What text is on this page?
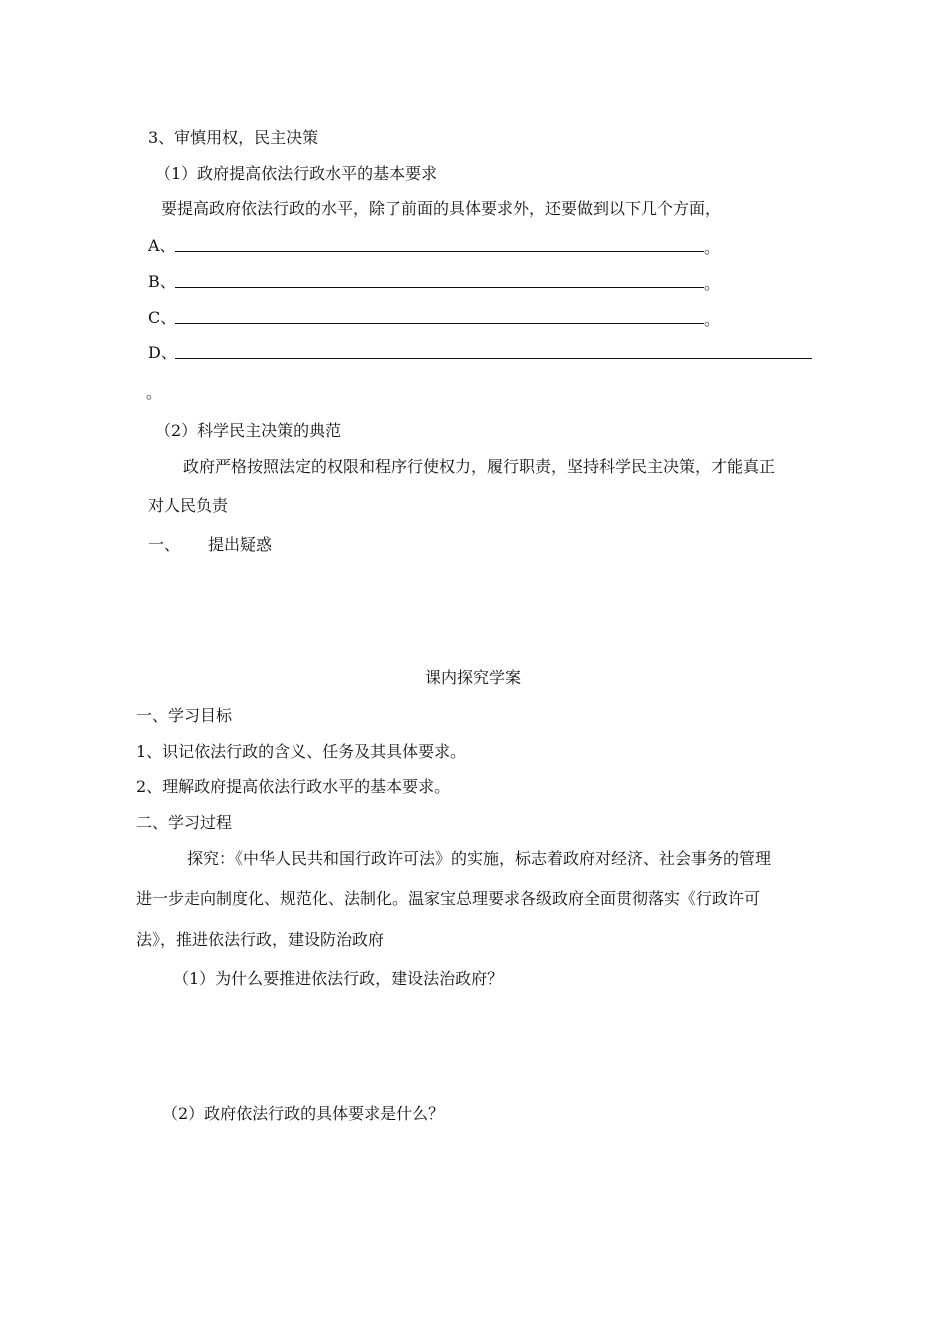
3、审慎用权，民主决策
（1）政府提高依法行政水平的基本要求
要提高政府依法行政的水平，除了前面的具体要求外，还要做到以下几个方面，
A、	。
B、	。
C、	。
D、
。
（2）科学民主决策的典范
政府严格按照法定的权限和程序行使权力，履行职责，坚持科学民主决策，才能真正
对人民负责
一、 提出疑惑
课内探究学案
一、学习目标
1、识记依法行政的含义、任务及其具体要求。
2、理解政府提高依法行政水平的基本要求。
二、学习过程
探究：《中华人民共和国行政许可法》的实施，标志着政府对经济、社会事务的管理
进一步走向制度化、规范化、法制化。温家宝总理要求各级政府全面贯彻落实《行政许可
法》，推进依法行政，建设防治政府
（1）为什么要推进依法行政，建设法治政府？
（2）政府依法行政的具体要求是什么？
